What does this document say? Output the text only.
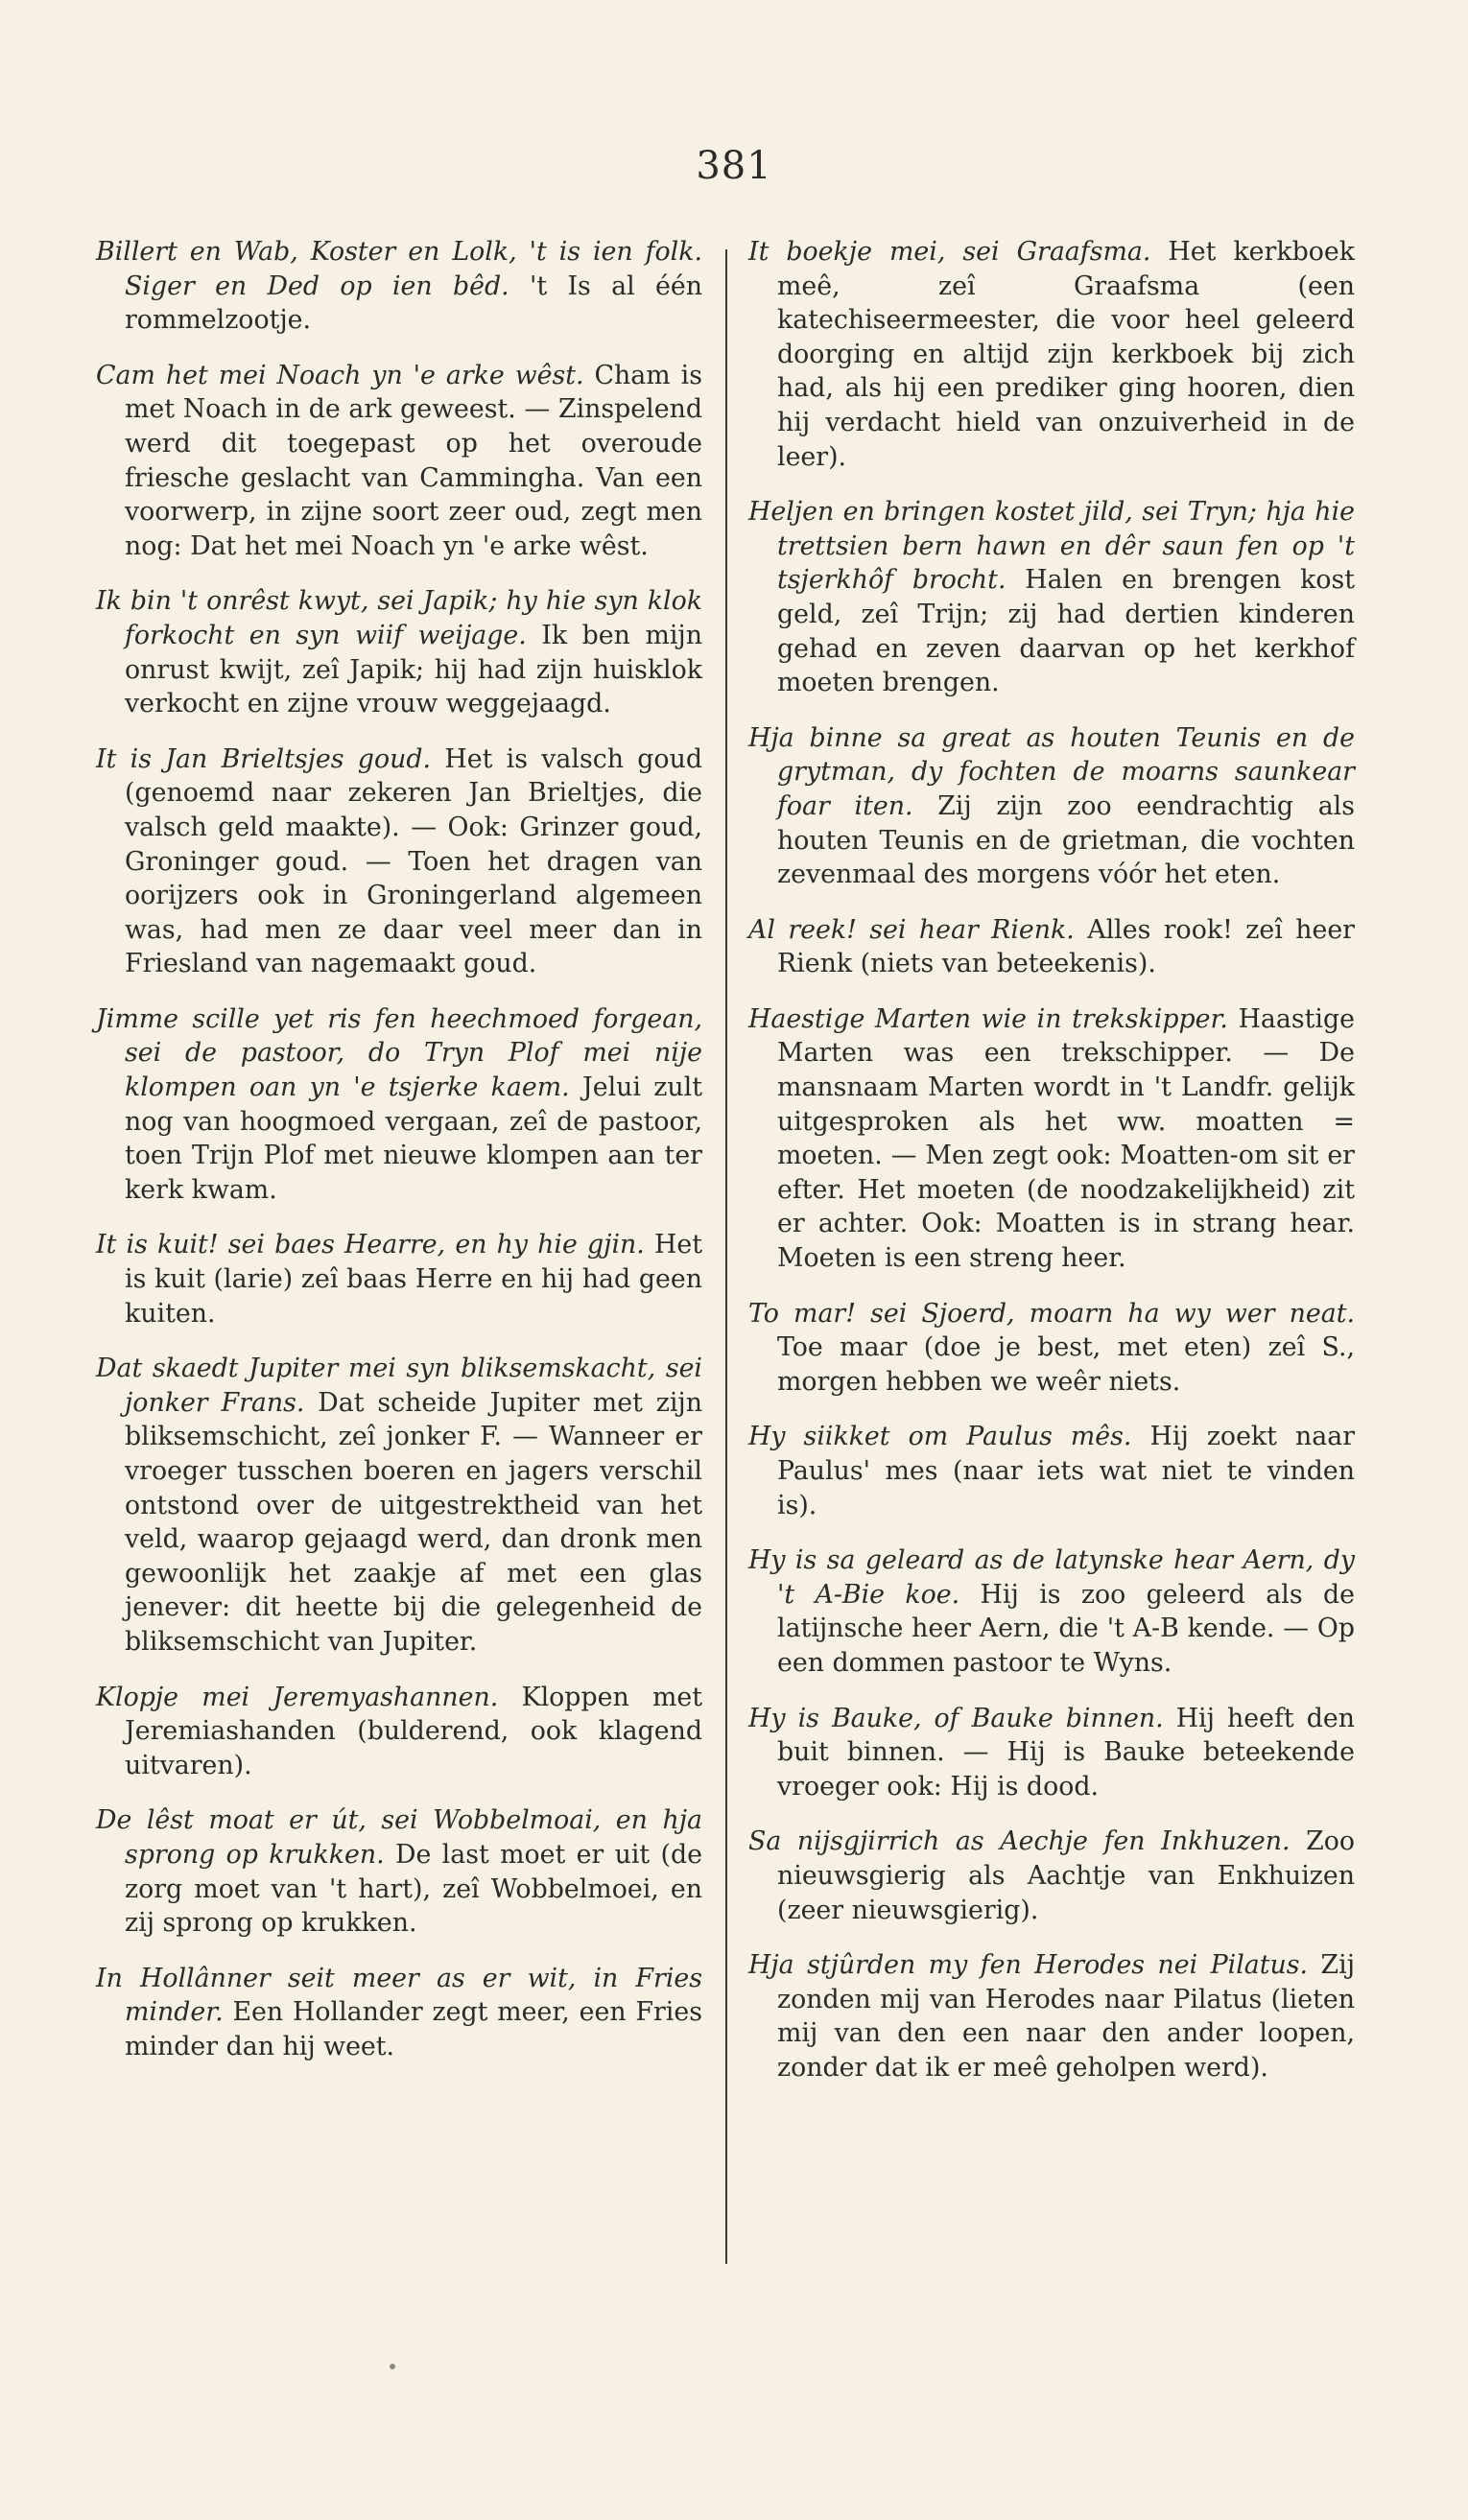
381

Billert en Wab, Koster en Lolk, 't is ien folk. Siger en Ded op ien bêd. 't Is al één rommelzootje.

Cam het mei Noach yn 'e arke wêst. Cham is met Noach in de ark geweest. — Zinspelend werd dit toegepast op het overoude friesche geslacht van Cammingha. Van een voorwerp, in zijne soort zeer oud, zegt men nog: Dat het mei Noach yn 'e arke wêst.

Ik bin 't onrêst kwyt, sei Japik; hy hie syn klok forkocht en syn wiif weijage. Ik ben mijn onrust kwijt, zeî Japik; hij had zijn huisklok verkocht en zijne vrouw weggejaagd.

It is Jan Brieltsjes goud. Het is valsch goud (genoemd naar zekeren Jan Brieltjes, die valsch geld maakte). — Ook: Grinzer goud, Groninger goud. — Toen het dragen van oorijzers ook in Groningerland algemeen was, had men ze daar veel meer dan in Friesland van nagemaakt goud.

Jimme scille yet ris fen heechmoed forgean, sei de pastoor, do Tryn Plof mei nije klompen oan yn 'e tsjerke kaem. Jelui zult nog van hoogmoed vergaan, zeî de pastoor, toen Trijn Plof met nieuwe klompen aan ter kerk kwam.

It is kuit! sei baes Hearre, en hy hie gjin. Het is kuit (larie) zeî baas Herre en hij had geen kuiten.

Dat skaedt Jupiter mei syn bliksemskacht, sei jonker Frans. Dat scheide Jupiter met zijn bliksemschicht, zeî jonker F. — Wanneer er vroeger tusschen boeren en jagers verschil ontstond over de uitgestrektheid van het veld, waarop gejaagd werd, dan dronk men gewoonlijk het zaakje af met een glas jenever: dit heette bij die gelegenheid de bliksemschicht van Jupiter.

Klopje mei Jeremyashannen. Kloppen met Jeremiashanden (bulderend, ook klagend uitvaren).

De lêst moat er út, sei Wobbelmoai, en hja sprong op krukken. De last moet er uit (de zorg moet van 't hart), zeî Wobbelmoei, en zij sprong op krukken.

In Hollânner seit meer as er wit, in Fries minder. Een Hollander zegt meer, een Fries minder dan hij weet.

It boekje mei, sei Graafsma. Het kerkboek meê, zeî Graafsma (een katechiseermeester, die voor heel geleerd doorging en altijd zijn kerkboek bij zich had, als hij een prediker ging hooren, dien hij verdacht hield van onzuiverheid in de leer).

Heljen en bringen kostet jild, sei Tryn; hja hie trettsien bern hawn en dêr saun fen op 't tsjerkhôf brocht. Halen en brengen kost geld, zeî Trijn; zij had dertien kinderen gehad en zeven daarvan op het kerkhof moeten brengen.

Hja binne sa great as houten Teunis en de grytman, dy fochten de moarns saunkear foar iten. Zij zijn zoo eendrachtig als houten Teunis en de grietman, die vochten zevenmaal des morgens vóór het eten.

Al reek! sei hear Rienk. Alles rook! zeî heer Rienk (niets van beteekenis).

Haestige Marten wie in trekskipper. Haastige Marten was een trekschipper. — De mansnaam Marten wordt in 't Landfr. gelijk uitgesproken als het ww. moatten = moeten. — Men zegt ook: Moatten-om sit er efter. Het moeten (de noodzakelijkheid) zit er achter. Ook: Moatten is in strang hear. Moeten is een streng heer.

To mar! sei Sjoerd, moarn ha wy wer neat. Toe maar (doe je best, met eten) zeî S., morgen hebben we weêr niets.

Hy siikket om Paulus mês. Hij zoekt naar Paulus' mes (naar iets wat niet te vinden is).

Hy is sa geleard as de latynske hear Aern, dy 't A-Bie koe. Hij is zoo geleerd als de latijnsche heer Aern, die 't A-B kende. — Op een dommen pastoor te Wyns.

Hy is Bauke, of Bauke binnen. Hij heeft den buit binnen. — Hij is Bauke beteekende vroeger ook: Hij is dood.

Sa nijsgjirrich as Aechje fen Inkhuzen. Zoo nieuwsgierig als Aachtje van Enkhuizen (zeer nieuwsgierig).

Hja stjûrden my fen Herodes nei Pilatus. Zij zonden mij van Herodes naar Pilatus (lieten mij van den een naar den ander loopen, zonder dat ik er meê geholpen werd).
